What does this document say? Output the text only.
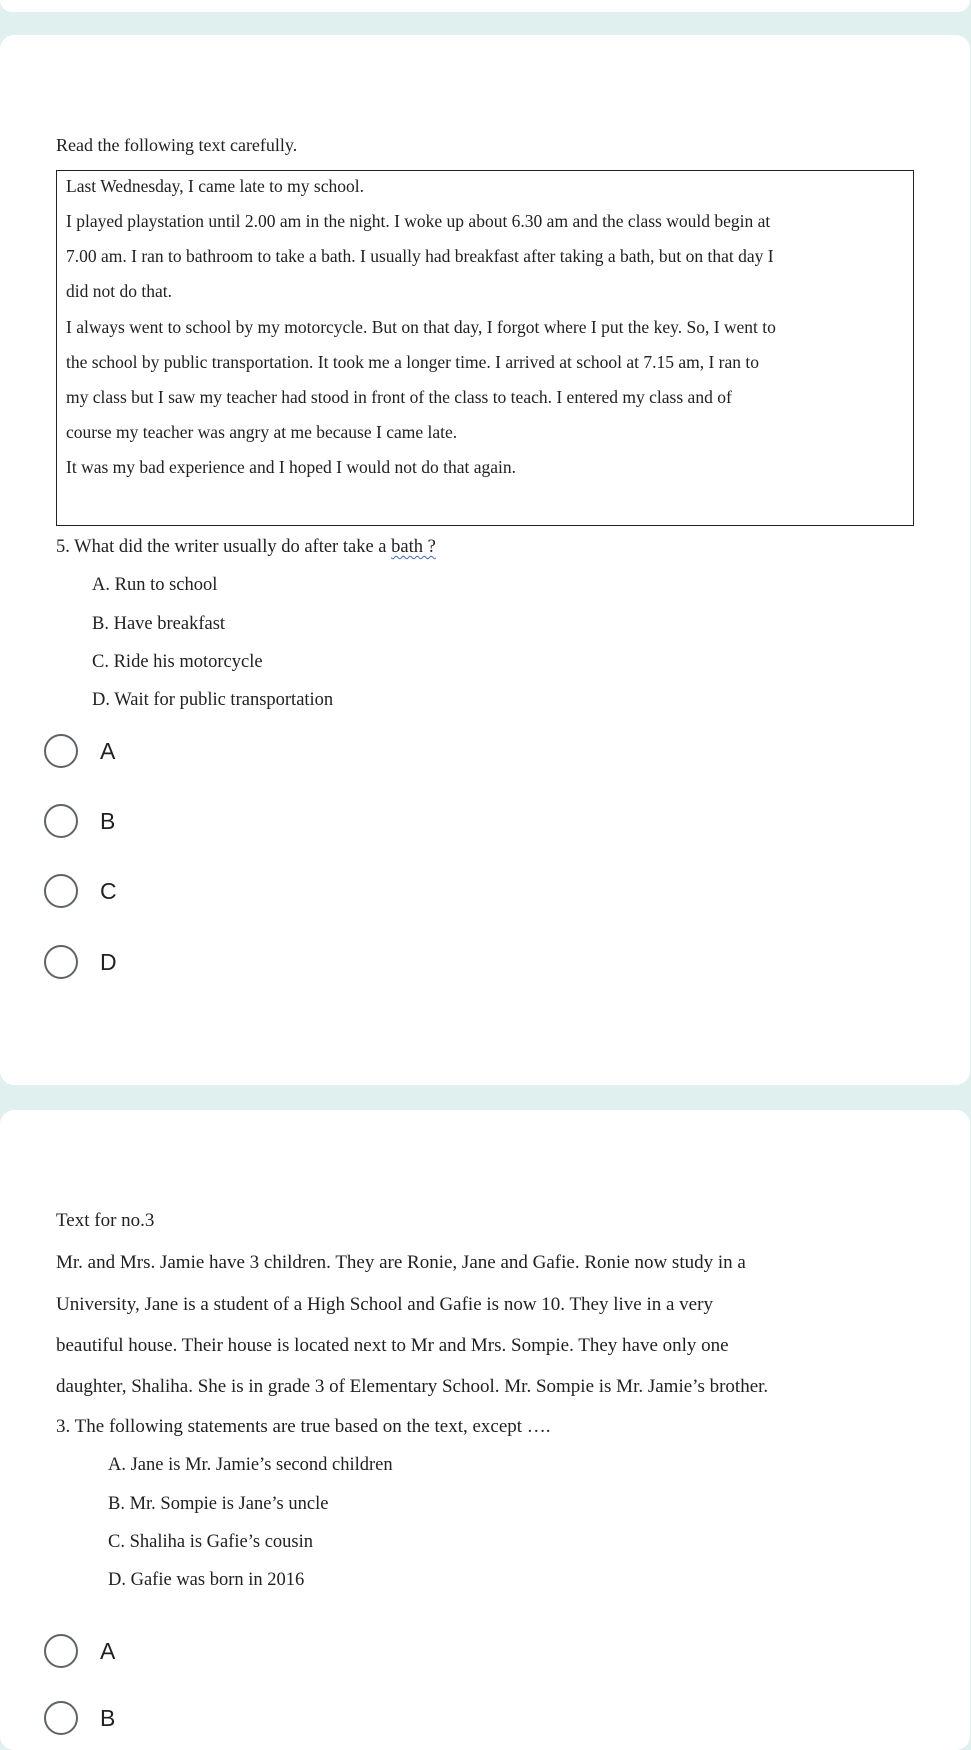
Read the following text carefully.
Last Wednesday, I came late to my school.
I played playstation until 2.00 am in the night. I woke up about 6.30 am and the class would begin at
7.00 am. I ran to bathroom to take a bath. I usually had breakfast after taking a bath, but on that day I
did not do that.
I always went to school by my motorcycle. But on that day, I forgot where I put the key. So, I went to
the school by public transportation. It took me a longer time. I arrived at school at 7.15 am, I ran to
my class but I saw my teacher had stood in front of the class to teach. I entered my class and of
course my teacher was angry at me because I came late.
It was my bad experience and I hoped I would not do that again.
5. What did the writer usually do after take a bath ?
A. Run to school
B. Have breakfast
C. Ride his motorcycle
D. Wait for public transportation
A
B
C
D
Text for no.3
Mr. and Mrs. Jamie have 3 children. They are Ronie, Jane and Gafie. Ronie now study in a
University, Jane is a student of a High School and Gafie is now 10. They live in a very
beautiful house. Their house is located next to Mr and Mrs. Sompie. They have only one
daughter, Shaliha. She is in grade 3 of Elementary School. Mr. Sompie is Mr. Jamie’s brother.
3. The following statements are true based on the text, except ….
A. Jane is Mr. Jamie’s second children
B. Mr. Sompie is Jane’s uncle
C. Shaliha is Gafie’s cousin
D. Gafie was born in 2016
A
B
